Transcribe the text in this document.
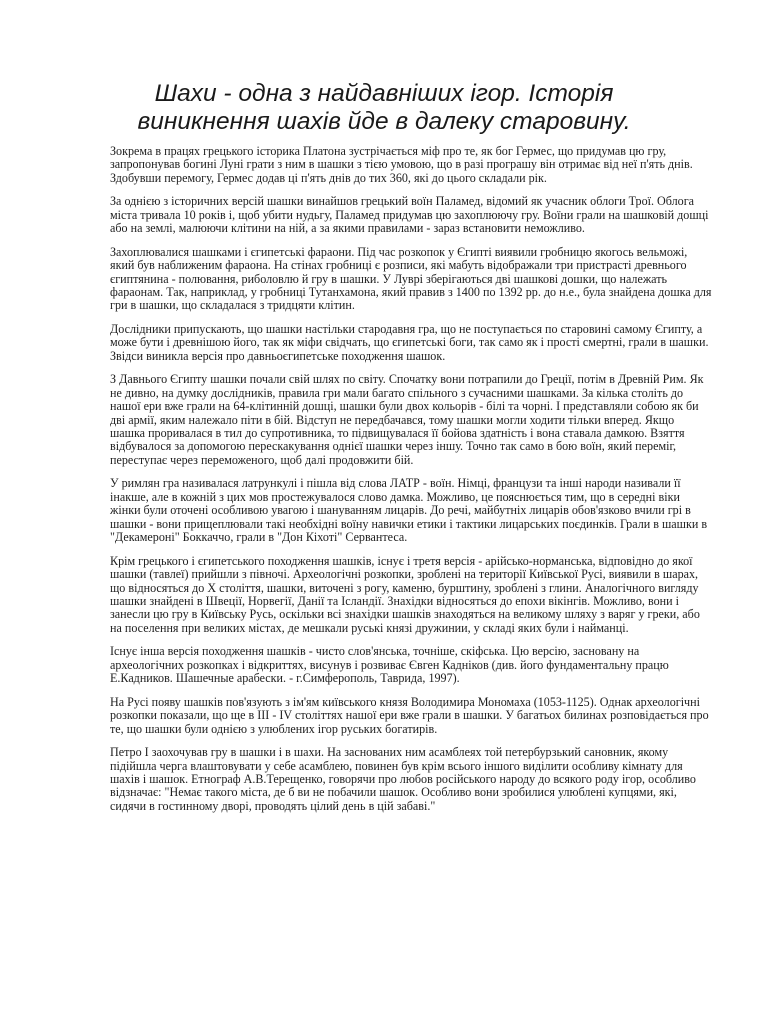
Шахи - одна з найдавніших ігор. Історія виникнення шахів йде в далеку старовину.

Зокрема в працях грецького історика Платона зустрічається міф про те, як бог Гермес, що придумав цю гру, запропонував богині Луні грати з ним в шашки з тією умовою, що в разі програшу він отримає від неї п'ять днів. Здобувши перемогу, Гермес додав ці п'ять днів до тих 360, які до цього складали рік.

За однією з історичних версій шашки винайшов грецький воїн Паламед, відомий як учасник облоги Трої. Облога міста тривала 10 років і, щоб убити нудьгу, Паламед придумав цю захоплюючу гру. Воїни грали на шашковій дошці або на землі, малюючи клітини на ній, а за якими правилами - зараз встановити неможливо.

Захоплювалися шашками і єгипетські фараони. Під час розкопок у Єгипті виявили гробницю якогось вельможі, який був наближеним фараона. На стінах гробниці є розписи, які мабуть відображали три пристрасті древнього єгиптянина - полювання, риболовлю й гру в шашки. У Луврі зберігаються дві шашкові дошки, що належать фараонам. Так, наприклад, у гробниці Тутанхамона, який правив з 1400 по 1392 рр. до н.е., була знайдена дошка для гри в шашки, що складалася з тридцяти клітин.

Дослідники припускають, що шашки настільки стародавня гра, що не поступається по старовині самому Єгипту, а може бути і древнішою його, так як міфи свідчать, що єгипетські боги, так само як і прості смертні, грали в шашки. Звідси виникла версія про давньоєгипетське походження шашок.

З Давнього Єгипту шашки почали свій шлях по світу. Спочатку вони потрапили до Греції, потім в Древній Рим. Як не дивно, на думку дослідників, правила гри мали багато спільного з сучасними шашками. За кілька століть до нашої ери вже грали на 64-клітинній дошці, шашки були двох кольорів - білі та чорні. І представляли собою як би дві армії, яким належало піти в бій. Відступ не передбачався, тому шашки могли ходити тільки вперед. Якщо шашка проривалася в тил до супротивника, то підвищувалася її бойова здатність і вона ставала дамкою. Взяття відбувалося за допомогою перескакування однієї шашки через іншу. Точно так само в бою воїн, який переміг, переступає через переможеного, щоб далі продовжити бій.

У римлян гра називалася латрункулі і пішла від слова ЛАТР - воїн. Німці, французи та інші народи називали її інакше, але в кожній з цих мов простежувалося слово дамка. Можливо, це пояснюється тим, що в середні віки жінки були оточені особливою увагою і шануванням лицарів. До речі, майбутніх лицарів обов'язково вчили грі в шашки - вони прищеплювали такі необхідні воїну навички етики і тактики лицарських поєдинків. Грали в шашки в "Декамероні" Боккаччо, грали в "Дон Кіхоті" Сервантеса.

Крім грецького і єгипетського походження шашків, існує і третя версія - арійсько-норманська, відповідно до якої шашки (тавлеї) прийшли з півночі. Археологічні розкопки, зроблені на території Київської Русі, виявили в шарах, що відносяться до X століття, шашки, виточені з рогу, каменю, бурштину, зроблені з глини. Аналогічного вигляду шашки знайдені в Швеції, Норвегії, Данії та Ісландії. Знахідки відносяться до епохи вікінгів. Можливо, вони і занесли цю гру в Київську Русь, оскільки всі знахідки шашків знаходяться на великому шляху з варяг у греки, або на поселення при великих містах, де мешкали руські князі дружинии, у складі яких були і найманці.

Існує інша версія походження шашків - чисто слов'янська, точніше, скіфська. Цю версію, засновану на археологічних розкопках і відкриттях, висунув і розвиває Євген Кадніков (див. його фундаментальну працю Е.Кадников. Шашечные арабески. - г.Симферополь, Таврида, 1997).

На Русі появу шашків пов'язують з ім'ям київського князя Володимира Мономаха (1053-1125). Однак археологічні розкопки показали, що ще в III - IV століттях нашої ери вже грали в шашки. У багатьох билинах розповідається про те, що шашки були однією з улюблених ігор руських богатирів.

Петро І заохочував гру в шашки і в шахи. На заснованих ним асамблеях той петербурзький сановник, якому підійшла черга влаштовувати у себе асамблею, повинен був крім всього іншого виділити особливу кімнату для шахів і шашок. Етнограф А.В.Терещенко, говорячи про любов російського народу до всякого роду ігор, особливо відзначає: "Немає такого міста, де б ви не побачили шашок. Особливо вони зробилися улюблені купцями, які, сидячи в гостинному дворі, проводять цілий день в цій забаві."
